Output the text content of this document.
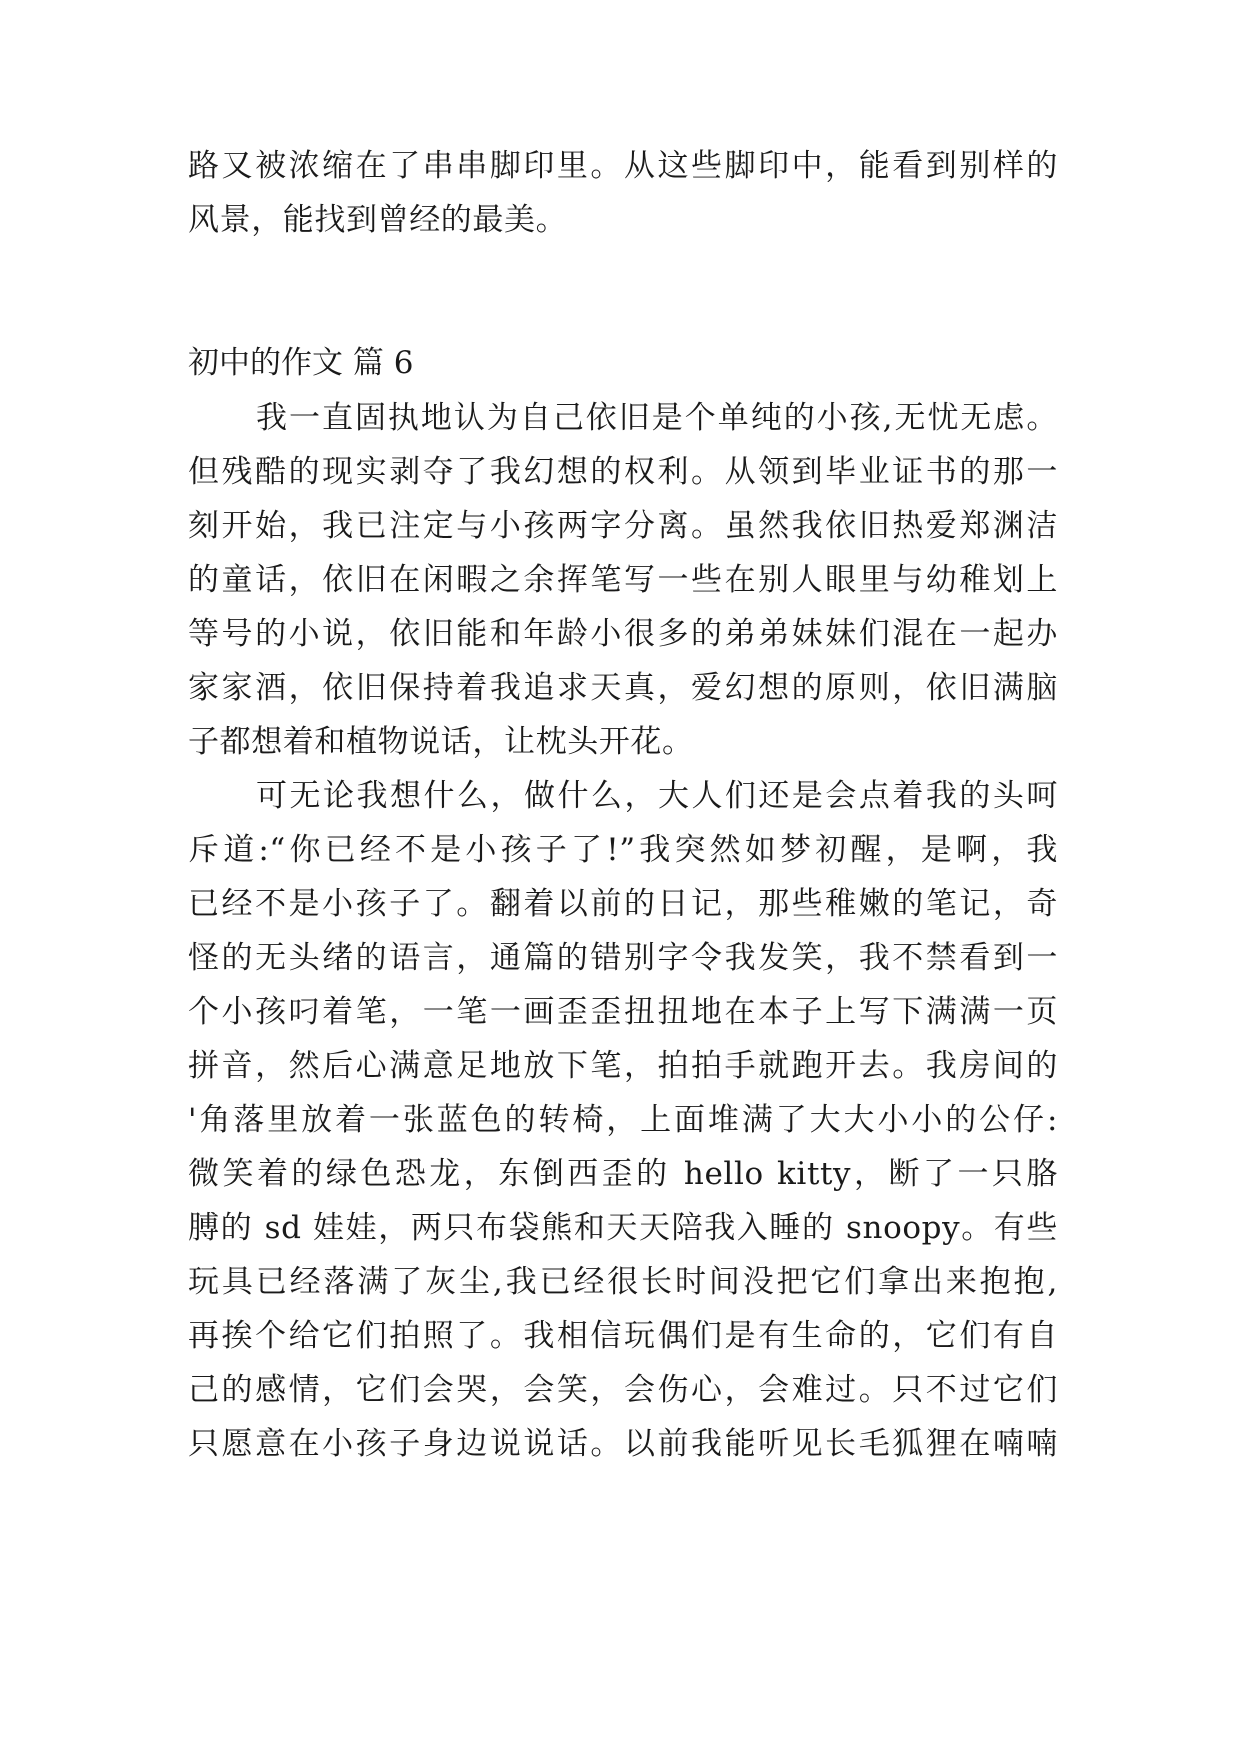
路又被浓缩在了串串脚印里。从这些脚印中，能看到别样的
风景，能找到曾经的最美。
初中的作文 篇 6
我一直固执地认为自己依旧是个单纯的小孩,无忧无虑。
但残酷的现实剥夺了我幻想的权利。从领到毕业证书的那一
刻开始，我已注定与小孩两字分离。虽然我依旧热爱郑渊洁
的童话，依旧在闲暇之余挥笔写一些在别人眼里与幼稚划上
等号的小说，依旧能和年龄小很多的弟弟妹妹们混在一起办
家家酒，依旧保持着我追求天真，爱幻想的原则，依旧满脑
子都想着和植物说话，让枕头开花。
可无论我想什么，做什么，大人们还是会点着我的头呵
斥道:“你已经不是小孩子了!”我突然如梦初醒，是啊，我
已经不是小孩子了。翻着以前的日记，那些稚嫩的笔记，奇
怪的无头绪的语言，通篇的错别字令我发笑，我不禁看到一
个小孩叼着笔，一笔一画歪歪扭扭地在本子上写下满满一页
拼音，然后心满意足地放下笔，拍拍手就跑开去。我房间的
'角落里放着一张蓝色的转椅，上面堆满了大大小小的公仔:
微笑着的绿色恐龙，东倒西歪的 hello kitty，断了一只胳
膊的 sd 娃娃，两只布袋熊和天天陪我入睡的 snoopy。有些
玩具已经落满了灰尘,我已经很长时间没把它们拿出来抱抱,
再挨个给它们拍照了。我相信玩偶们是有生命的，它们有自
己的感情，它们会哭，会笑，会伤心，会难过。只不过它们
只愿意在小孩子身边说说话。以前我能听见长毛狐狸在喃喃
